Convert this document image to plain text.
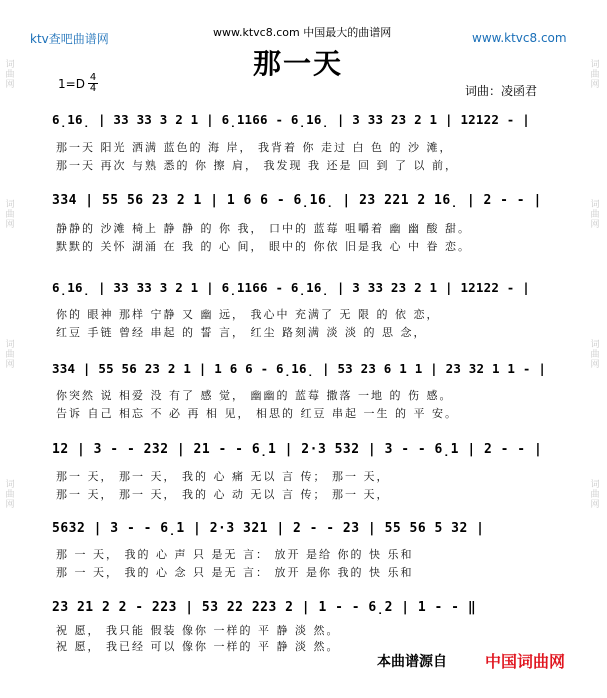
词曲网
词曲网
词曲网
词曲网
词曲网
词曲网
词曲网
词曲网
ktv查吧曲谱网	www.ktvc8.com 中国最大的曲谱网	www.ktvc8.com
那一天
$1=D \frac{4}{4}$	词曲：凌函君
6̣16̣ | 33 33 3 2 1 | 6̣1166 - 6̣16̣ | 3 33 23 2 1 | 12122 - |
那一天 阳光 洒满 蓝色的 海 岸， 我背着 你 走过 白 色 的 沙 滩，
那一天 再次 与熟 悉的 你 擦 肩， 我发现 我 还是 回 到 了 以 前，
334 | 55 56 23 2 1 | 1 6 6 - 6̣16̣ | 23 221 2 16̣ | 2 - - |
静静的 沙滩 椅上 静 静 的 你 我， 口中的 蓝莓 咀嚼着 幽 幽 酸 甜。
默默的 关怀 湖涌 在 我 的 心 间， 眼中的 你依 旧是我 心 中 眷 恋。
6̣16̣ | 33 33 3 2 1 | 6̣1166 - 6̣16̣ | 3 33 23 2 1 | 12122 - |
你的 眼神 那样 宁静 又 幽 远， 我心中 充满了 无 限 的 依 恋，
红豆 手链 曾经 串起 的 誓 言， 红尘 路刻满 淡 淡 的 思 念，
334 | 55 56 23 2 1 | 1 6 6 - 6̣16̣ | 53 23 6 1 1 | 23 32 1 1 - |
你突然 说 相爱 没 有了 感 觉， 幽幽的 蓝莓 撒落 一地 的 伤 感。
告诉 自己 相忘 不 必 再 相 见， 相思的 红豆 串起 一生 的 平 安。
12 | 3 - - 232 | 21 - - 6̣1 | 2·3 532 | 3 - - 6̣1 | 2 - - |
那一 天， 那一 天， 我的 心 痛 无以 言 传； 那一 天，
那一 天， 那一 天， 我的 心 动 无以 言 传； 那一 天，
5632 | 3 - - 6̣1 | 2·3 321 | 2 - - 23 | 55 56 5 32 |
那 一 天， 我的 心 声 只 是无 言： 放开 是给 你的 快 乐和
那 一 天， 我的 心 念 只 是无 言： 放开 是你 我的 快 乐和
23 21 2 2 - 223 | 53 22 223 2 | 1 - - 6̣2 | 1 - - ‖
祝 愿， 我只能 假装 像你 一样的 平 静 淡 然。
祝 愿， 我已经 可以 像你 一样的 平 静 淡 然。
本曲谱源自 中国词曲网
